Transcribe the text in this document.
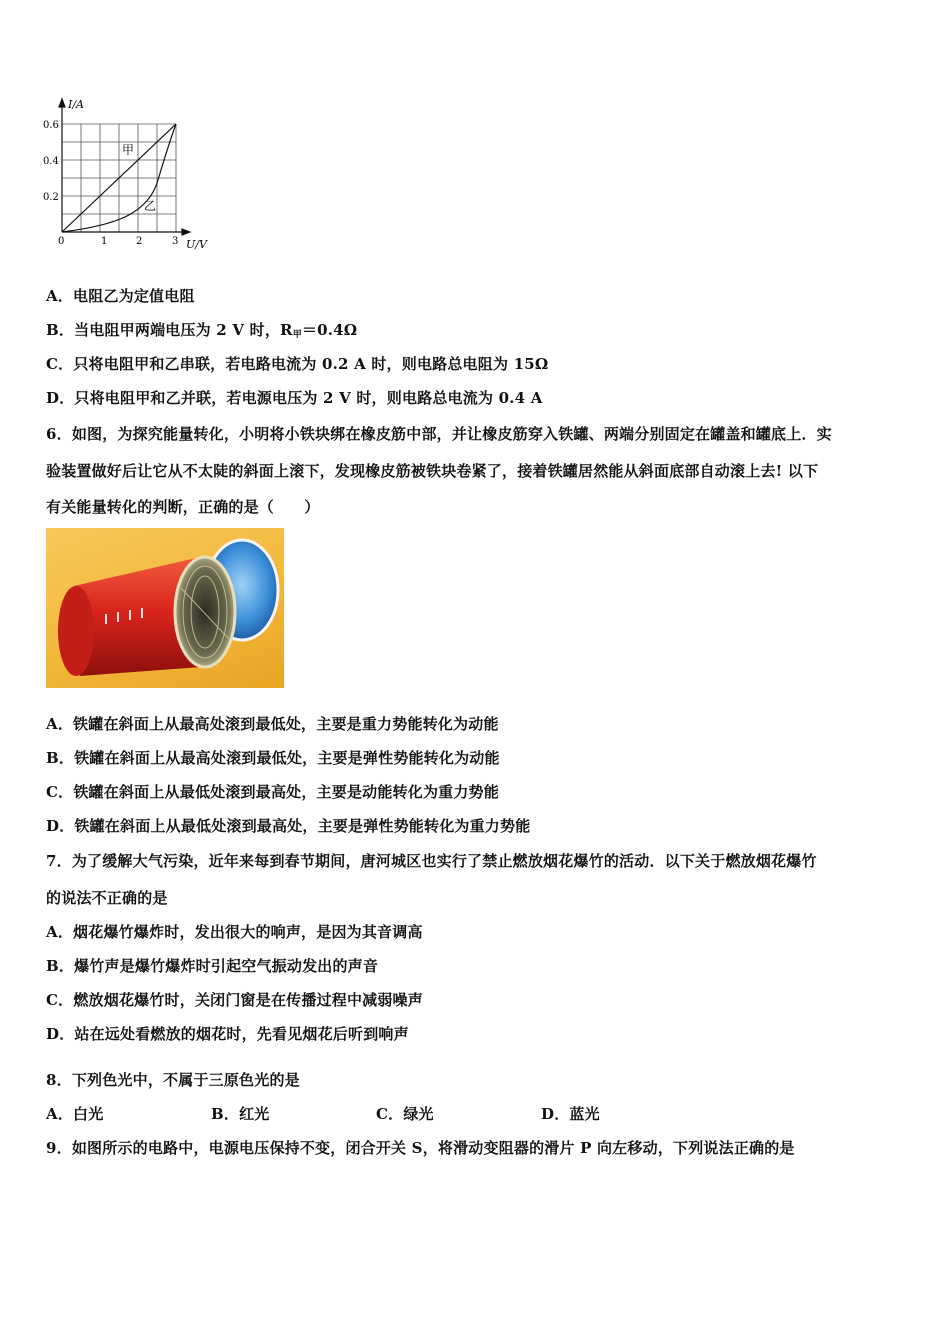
I/A
U/V
0.6
0.4
0.2
0	1	2	3
甲
乙
A．电阻乙为定值电阻
B．当电阻甲两端电压为 2 V 时，$R_甲=0.4\Omega$
C．只将电阻甲和乙串联，若电路电流为 0.2 A 时，则电路总电阻为 15Ω
D．只将电阻甲和乙并联，若电源电压为 2 V 时，则电路总电流为 0.4 A
6．如图，为探究能量转化，小明将小铁块绑在橡皮筋中部，并让橡皮筋穿入铁罐、两端分别固定在罐盖和罐底上．实
验装置做好后让它从不太陡的斜面上滚下，发现橡皮筋被铁块卷紧了，接着铁罐居然能从斜面底部自动滚上去! 以下
有关能量转化的判断，正确的是（　　）
A．铁罐在斜面上从最高处滚到最低处，主要是重力势能转化为动能
B．铁罐在斜面上从最高处滚到最低处，主要是弹性势能转化为动能
C．铁罐在斜面上从最低处滚到最高处，主要是动能转化为重力势能
D．铁罐在斜面上从最低处滚到最高处，主要是弹性势能转化为重力势能
7．为了缓解大气污染，近年来每到春节期间，唐河城区也实行了禁止燃放烟花爆竹的活动．以下关于燃放烟花爆竹
的说法不正确的是
A．烟花爆竹爆炸时，发出很大的响声，是因为其音调高
B．爆竹声是爆竹爆炸时引起空气振动发出的声音
C．燃放烟花爆竹时，关闭门窗是在传播过程中减弱噪声
D．站在远处看燃放的烟花时，先看见烟花后听到响声
8．下列色光中，不属于三原色光的是
A．白光	B．红光	C．绿光	D．蓝光
9．如图所示的电路中，电源电压保持不变，闭合开关 S，将滑动变阻器的滑片 P 向左移动，下列说法正确的是
